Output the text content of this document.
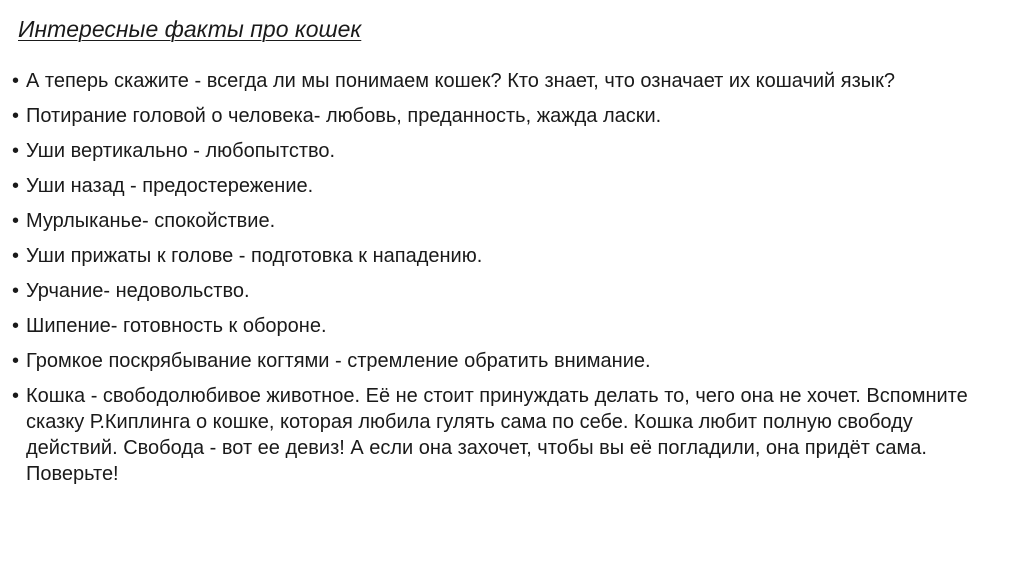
Интересные факты про кошек
• А теперь скажите - всегда ли мы понимаем кошек? Кто знает, что означает их кошачий язык?
• Потирание головой о человека- любовь, преданность, жажда ласки.
• Уши вертикально - любопытство.
• Уши назад - предостережение.
• Мурлыканье- спокойствие.
• Уши прижаты к голове - подготовка к нападению.
• Урчание- недовольство.
• Шипение- готовность к обороне.
• Громкое поскрябывание когтями - стремление обратить внимание.
• Кошка - свободолюбивое животное. Её не стоит принуждать делать то, чего она не хочет. Вспомните сказку Р.Киплинга о кошке, которая любила гулять сама по себе. Кошка любит полную свободу действий. Свобода - вот ее девиз! А если она захочет, чтобы вы её погладили, она придёт сама. Поверьте!
